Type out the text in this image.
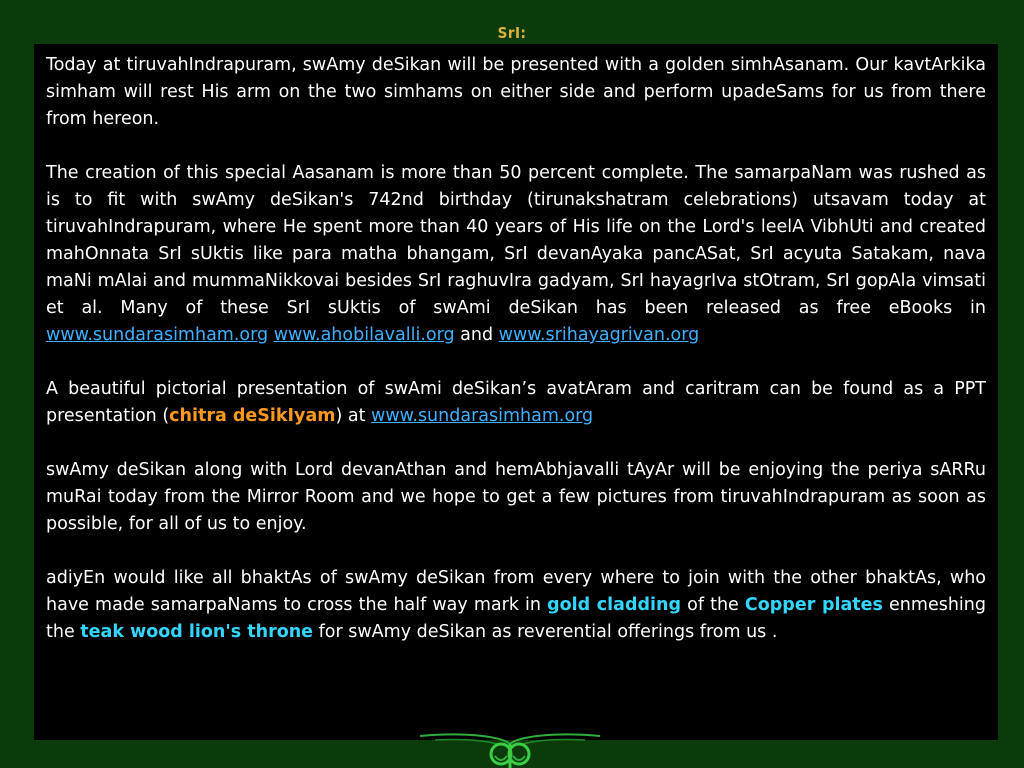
SrI:

Today at tiruvahIndrapuram, swAmy deSikan will be presented with a golden simhAsanam. Our kavtArkika simham will rest His arm on the two simhams on either side and perform upadeSams for us from there from hereon.

The creation of this special Aasanam is more than 50 percent complete. The samarpaNam was rushed as is to fit with swAmy deSikan's 742nd birthday (tirunakshatram celebrations) utsavam today at tiruvahIndrapuram, where He spent more than 40 years of His life on the Lord's leelA VibhUti and created mahOnnata SrI sUktis like para matha bhangam, SrI devanAyaka pancASat, SrI acyuta Satakam, nava maNi mAlai and mummaNikkovai besides SrI raghuvIra gadyam, SrI hayagrIva stOtram, SrI gopAla vimsati et al. Many of these SrI sUktis of swAmi deSikan has been released as free eBooks in www.sundarasimham.org www.ahobilavalli.org and www.srihayagrivan.org

A beautiful pictorial presentation of swAmi deSikan’s avatAram and caritram can be found as a PPT presentation (chitra deSikIyam) at www.sundarasimham.org

swAmy deSikan along with Lord devanAthan and hemAbhjavalli tAyAr will be enjoying the periya sARRu muRai today from the Mirror Room and we hope to get a few pictures from tiruvahIndrapuram as soon as possible, for all of us to enjoy.

adiyEn would like all bhaktAs of swAmy deSikan from every where to join with the other bhaktAs, who have made samarpaNams to cross the half way mark in gold cladding of the Copper plates enmeshing the teak wood lion's throne for swAmy deSikan as reverential offerings from us .
